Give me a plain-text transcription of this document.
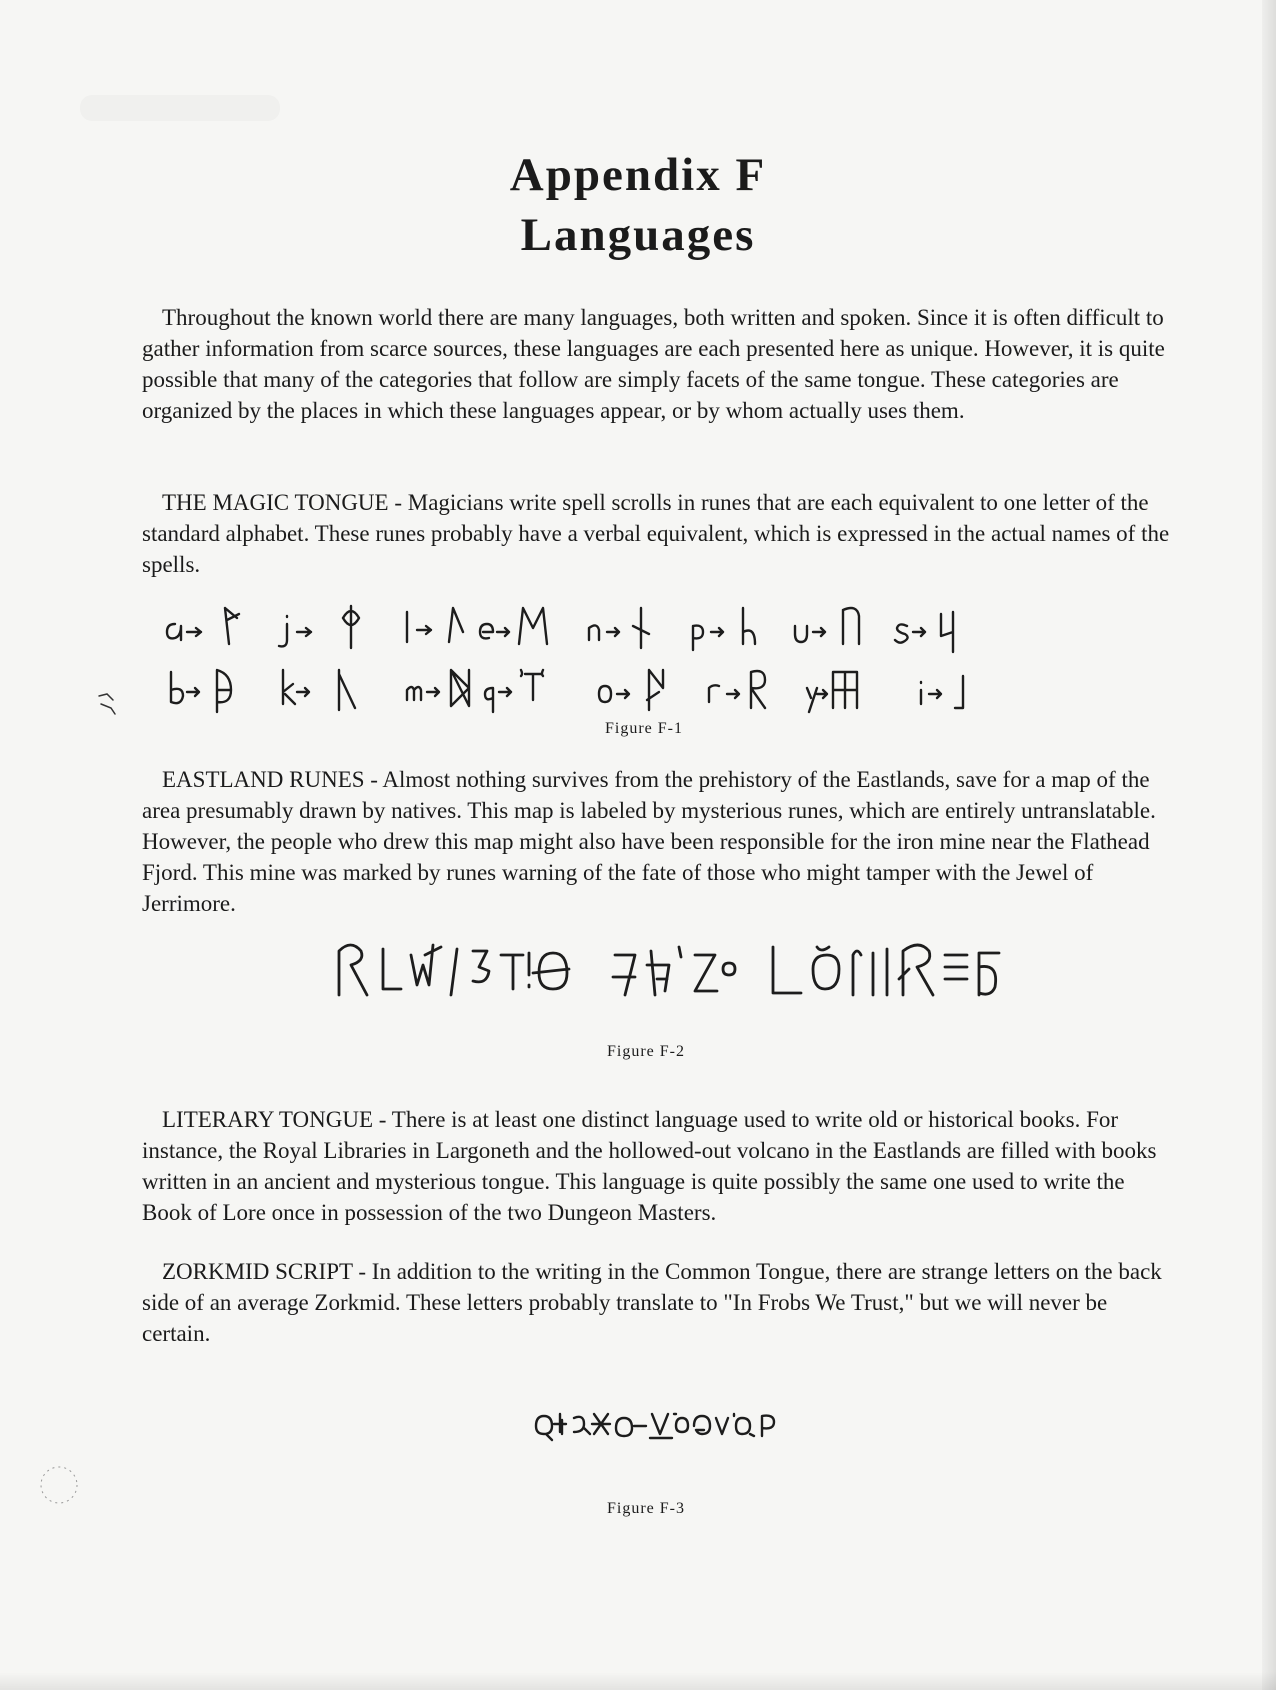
Appendix F
Languages

Throughout the known world there are many languages, both written and spoken. Since it is often difficult to gather information from scarce sources, these languages are each presented here as unique. However, it is quite possible that many of the categories that follow are simply facets of the same tongue. These categories are organized by the places in which these languages appear, or by whom actually uses them.

THE MAGIC TONGUE - Magicians write spell scrolls in runes that are each equivalent to one letter of the standard alphabet. These runes probably have a verbal equivalent, which is expressed in the actual names of the spells.

Figure F-1

EASTLAND RUNES - Almost nothing survives from the prehistory of the Eastlands, save for a map of the area presumably drawn by natives. This map is labeled by mysterious runes, which are entirely untranslatable. However, the people who drew this map might also have been responsible for the iron mine near the Flathead Fjord. This mine was marked by runes warning of the fate of those who might tamper with the Jewel of Jerrimore.

Figure F-2

LITERARY TONGUE - There is at least one distinct language used to write old or historical books. For instance, the Royal Libraries in Largoneth and the hollowed-out volcano in the Eastlands are filled with books written in an ancient and mysterious tongue. This language is quite possibly the same one used to write the Book of Lore once in possession of the two Dungeon Masters.

ZORKMID SCRIPT - In addition to the writing in the Common Tongue, there are strange letters on the back side of an average Zorkmid. These letters probably translate to "In Frobs We Trust," but we will never be certain.

Figure F-3
